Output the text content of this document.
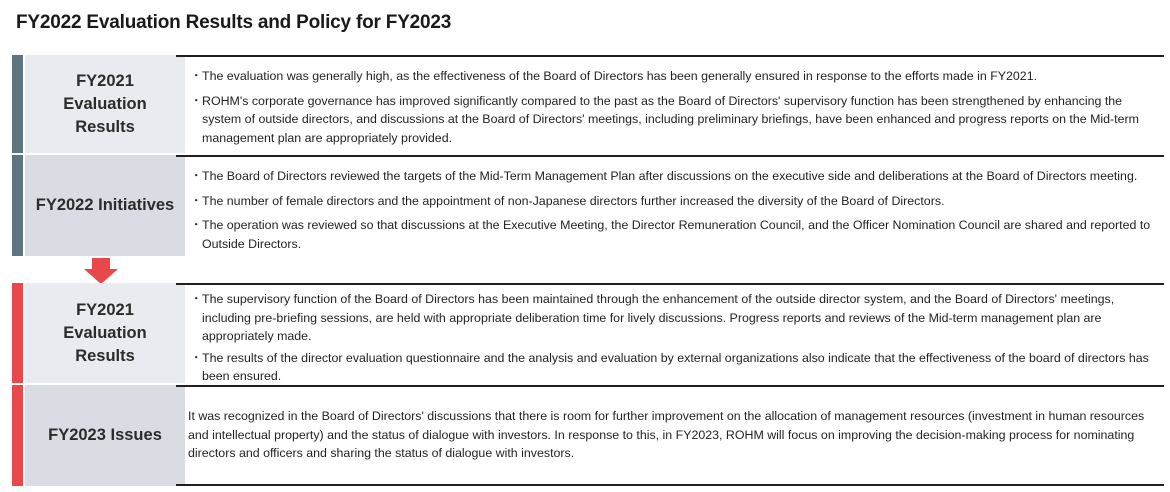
FY2022 Evaluation Results and Policy for FY2023
FY2021 Evaluation Results
・ The evaluation was generally high, as the effectiveness of the Board of Directors has been generally ensured in response to the efforts made in FY2021.
・ ROHM's corporate governance has improved significantly compared to the past as the Board of Directors' supervisory function has been strengthened by enhancing the system of outside directors, and discussions at the Board of Directors' meetings, including preliminary briefings, have been enhanced and progress reports on the Mid-term management plan are appropriately provided.
FY2022 Initiatives
・ The Board of Directors reviewed the targets of the Mid-Term Management Plan after discussions on the executive side and deliberations at the Board of Directors meeting.
・ The number of female directors and the appointment of non-Japanese directors further increased the diversity of the Board of Directors.
・ The operation was reviewed so that discussions at the Executive Meeting, the Director Remuneration Council, and the Officer Nomination Council are shared and reported to Outside Directors.
FY2021 Evaluation Results
・ The supervisory function of the Board of Directors has been maintained through the enhancement of the outside director system, and the Board of Directors' meetings, including pre-briefing sessions, are held with appropriate deliberation time for lively discussions. Progress reports and reviews of the Mid-term management plan are appropriately made.
・ The results of the director evaluation questionnaire and the analysis and evaluation by external organizations also indicate that the effectiveness of the board of directors has been ensured.
FY2023 Issues
It was recognized in the Board of Directors' discussions that there is room for further improvement on the allocation of management resources (investment in human resources and intellectual property) and the status of dialogue with investors. In response to this, in FY2023, ROHM will focus on improving the decision-making process for nominating directors and officers and sharing the status of dialogue with investors.
